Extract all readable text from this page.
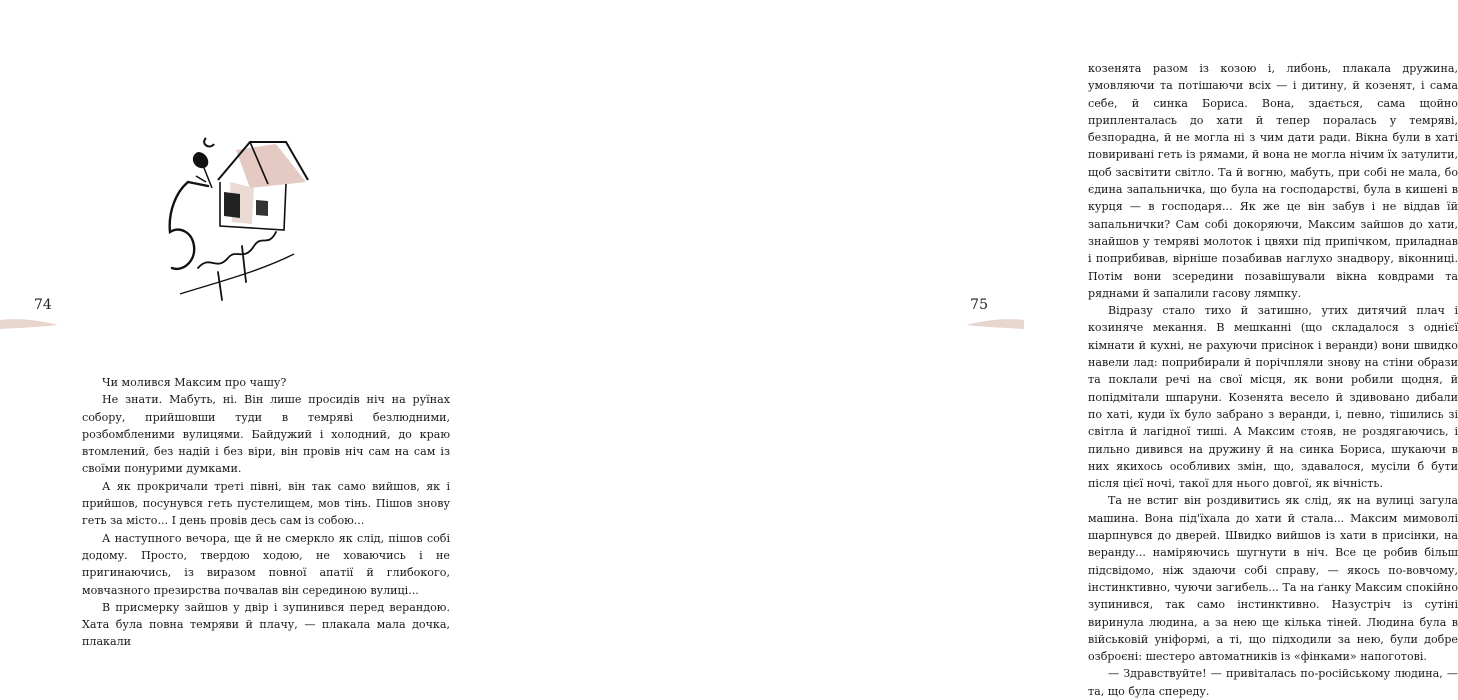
74

Чи молився Максим про чашу?

Не знати. Мабуть, ні. Він лише просидів ніч на руїнах собору, прийшовши туди в темряві безлюдними, розбомбленими вулицями. Байдужий і холодний, до краю втомлений, без надій і без віри, він провів ніч сам на сам із своїми понурими думками.

А як прокричали треті півні, він так само вийшов, як і прийшов, посунувся геть пустелищем, мов тінь. Пішов знову геть за місто... І день провів десь сам із собою...

А наступного вечора, ще й не смеркло як слід, пішов собі додому. Просто, твердою ходою, не ховаючись і не пригинаючись, із виразом повної апатії й глибокого, мовчазного презирства почвалав він серединою вулиці...

В присмерку зайшов у двір і зупинився перед верандою. Хата була повна темряви й плачу, — плакала мала дочка, плакали

75

козенята разом із козою і, либонь, плакала дружина, умовляючи та потішаючи всіх — і дитину, й козенят, і сама себе, й синка Бориса. Вона, здається, сама щойно припленталась до хати й тепер поралась у темряві, безпорадна, й не могла ні з чим дати ради. Вікна були в хаті повиривані геть із рямами, й вона не могла нічим їх затулити, щоб засвітити світло. Та й вогню, мабуть, при собі не мала, бо єдина запальничка, що була на господарстві, була в кишені в курця — в господаря... Як же це він забув і не віддав їй запальнички? Сам собі докоряючи, Максим зайшов до хати, знайшов у темряві молоток і цвяхи під припічком, приладнав і поприбивав, вірніше позабивав наглухо знадвору, віконниці. Потім вони зсередини позавішували вікна ковдрами та ряднами й запалили гасову лямпку.

Відразу стало тихо й затишно, утих дитячий плач і козиняче мекання. В мешканні (що складалося з однієї кімнати й кухні, не рахуючи присінок і веранди) вони швидко навели лад: поприбирали й порічпляли знову на стіни образи та поклали речі на свої місця, як вони робили щодня, й попідмітали шпаруни. Козенята весело й здивовано дибали по хаті, куди їх було забрано з веранди, і, певно, тішились зі світла й лагідної тиші. А Максим стояв, не роздягаючись, і пильно дивився на дружину й на синка Бориса, шукаючи в них якихось особливих змін, що, здавалося, мусіли б бути після цієї ночі, такої для нього довгої, як вічність.

Та не встиг він роздивитись як слід, як на вулиці загула машина. Вона під'їхала до хати й стала... Максим мимоволі шарпнувся до дверей. Швидко вийшов із хати в присінки, на веранду... наміряючись шугнути в ніч. Все це робив більш підсвідомо, ніж здаючи собі справу, — якось по-вовчому, інстинктивно, чуючи загибель... Та на ґанку Максим спокійно зупинився, так само інстинктивно. Назустріч із сутіні виринула людина, а за нею ще кілька тіней. Людина була в військовій уніформі, а ті, що підходили за нею, були добре озброєні: шестеро автоматників із «фінками» напоготові.

— Здравствуйте! — привіталась по-російському людина, — та, що була спереду.
